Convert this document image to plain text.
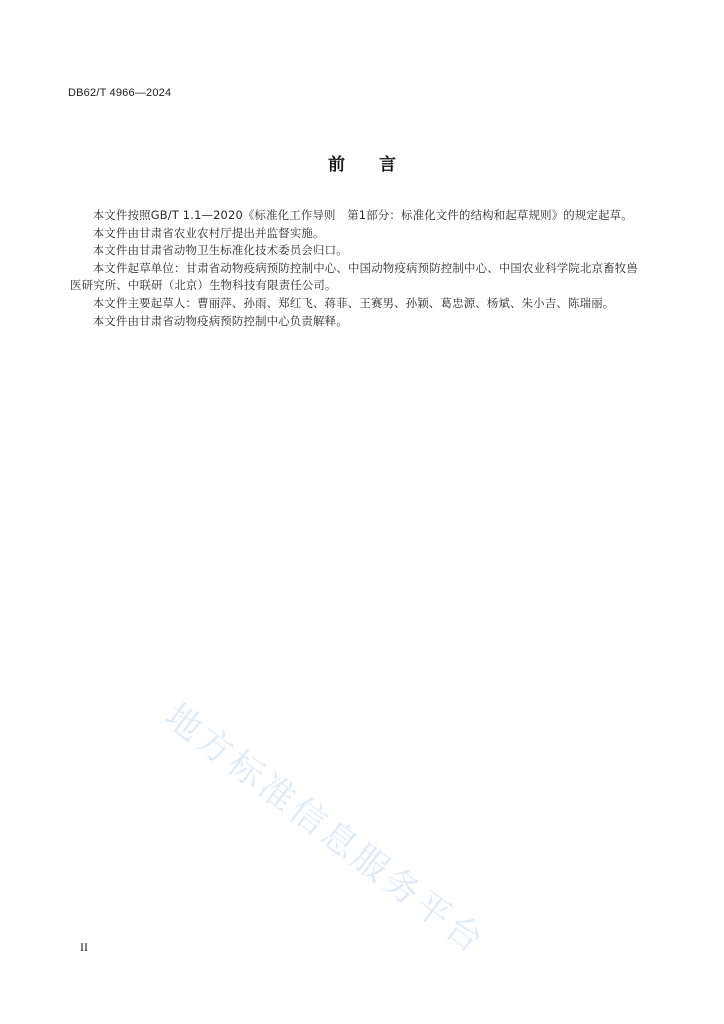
DB62/T 4966—2024
前　　言

本文件按照GB/T 1.1—2020《标准化工作导则　第1部分：标准化文件的结构和起草规则》的规定起草。

本文件由甘肃省农业农村厅提出并监督实施。

本文件由甘肃省动物卫生标准化技术委员会归口。

本文件起草单位：甘肃省动物疫病预防控制中心、中国动物疫病预防控制中心、中国农业科学院北京畜牧兽医研究所、中联研（北京）生物科技有限责任公司。

本文件主要起草人：曹丽萍、孙雨、郑红飞、蒋菲、王赛男、孙颖、葛忠源、杨斌、朱小吉、陈瑞丽。

本文件由甘肃省动物疫病预防控制中心负责解释。

地方标准信息服务平台
II
